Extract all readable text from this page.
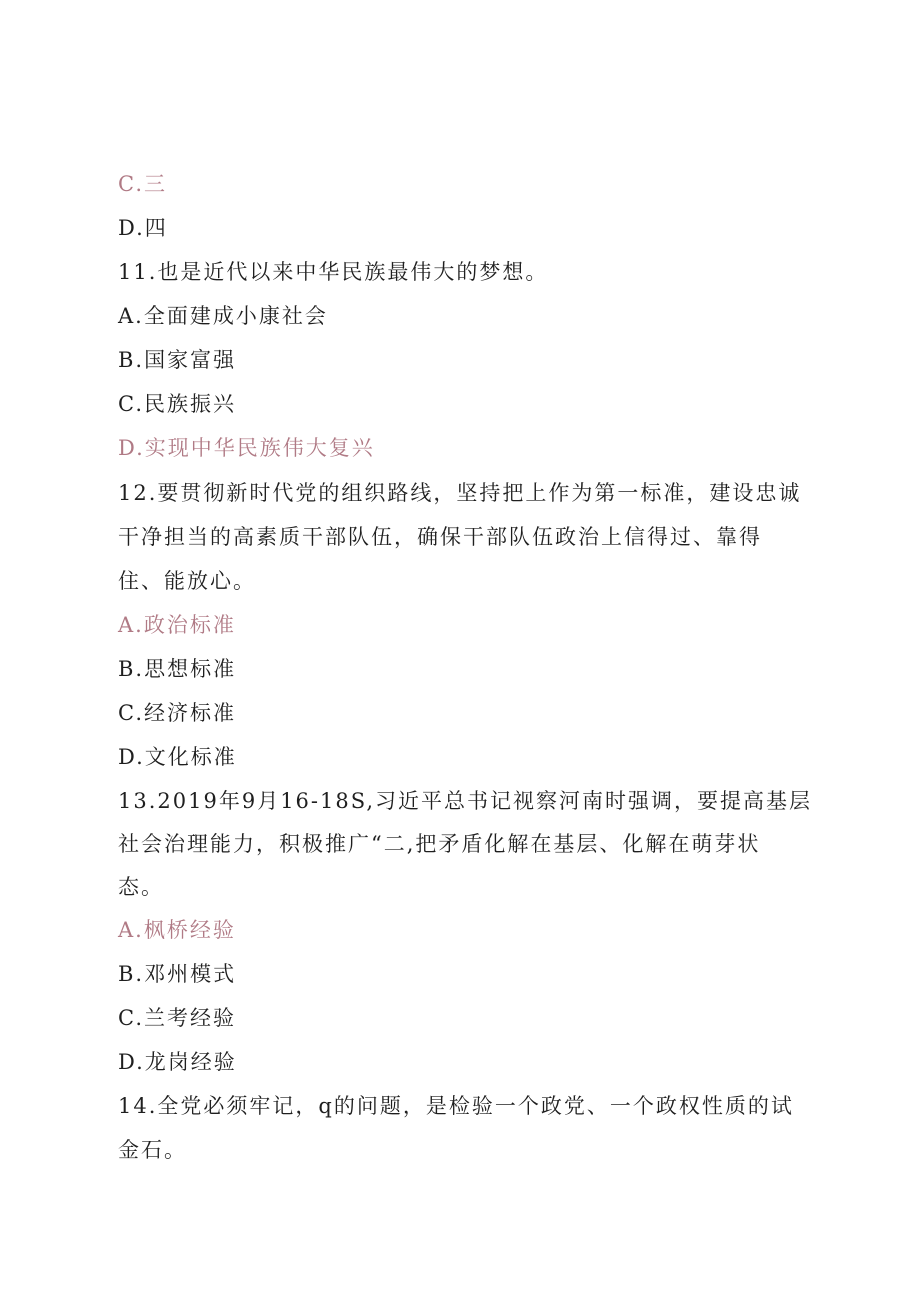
C.三
D.四
11.也是近代以来中华民族最伟大的梦想。
A.全面建成小康社会
B.国家富强
C.民族振兴
D.实现中华民族伟大复兴
12.要贯彻新时代党的组织路线，坚持把上作为第一标准，建设忠诚
干净担当的高素质干部队伍，确保干部队伍政治上信得过、靠得
住、能放心。
A.政治标准
B.思想标准
C.经济标准
D.文化标准
13.2019年9月16-18S,习近平总书记视察河南时强调，要提高基层
社会治理能力，积极推广“二,把矛盾化解在基层、化解在萌芽状
态。
A.枫桥经验
B.邓州模式
C.兰考经验
D.龙岗经验
14.全党必须牢记，q的问题，是检验一个政党、一个政权性质的试
金石。
